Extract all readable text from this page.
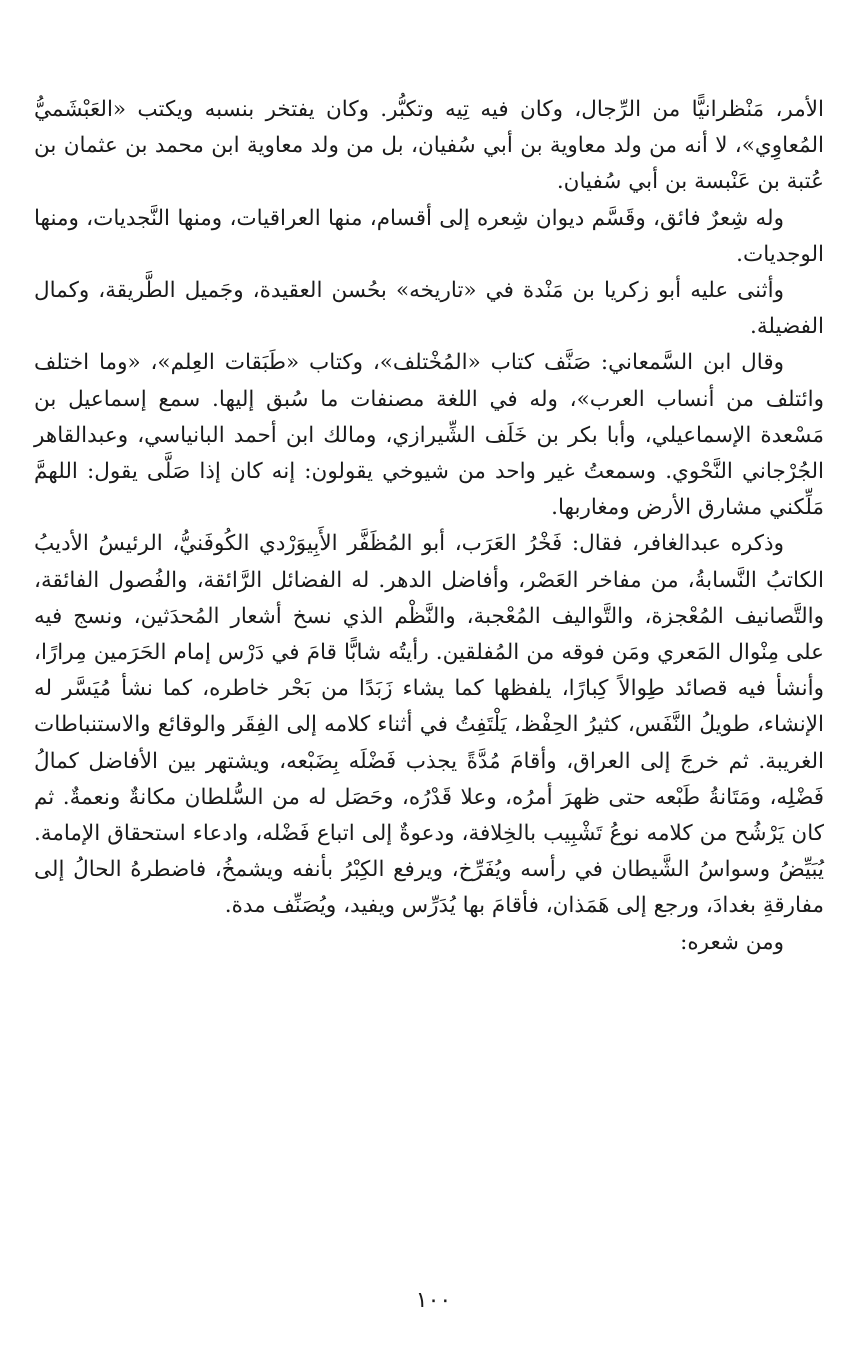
الأمر، مَنْظرانيًّا من الرِّجال، وكان فيه تِيه وتكبُّر. وكان يفتخر بنسبه ويكتب «العَبْشَميُّ المُعاوِي»، لا أنه من ولد معاوية بن أبي سُفيان، بل من ولد معاوية ابن محمد بن عثمان بن عُتبة بن عَنْبسة بن أبي سُفيان.

وله شِعرٌ فائق، وقَسَّم ديوان شِعره إلى أقسام، منها العراقيات، ومنها النَّجديات، ومنها الوجديات.

وأثنى عليه أبو زكريا بن مَنْدة في «تاريخه» بحُسن العقيدة، وجَميل الطَّريقة، وكمال الفضيلة.

وقال ابن السَّمعاني: صَنَّف كتاب «المُخْتلف»، وكتاب «طَبَقات العِلم»، «وما اختلف وائتلف من أنساب العرب»، وله في اللغة مصنفات ما سُبق إليها. سمع إسماعيل بن مَسْعدة الإسماعيلي، وأبا بكر بن خَلَف الشِّيرازي، ومالك ابن أحمد البانياسي، وعبدالقاهر الجُرْجاني النَّحْوي. وسمعتُ غير واحد من شيوخي يقولون: إنه كان إذا صَلَّى يقول: اللهمَّ مَلِّكني مشارق الأرض ومغاربها.

وذكره عبدالغافر، فقال: فَخْرُ العَرَب، أبو المُظَفَّر الأَبِيوَرْدي الكُوفَنيُّ، الرئيسُ الأديبُ الكاتبُ النَّسابةُ، من مفاخر العَصْر، وأفاضل الدهر. له الفضائل الرَّائقة، والفُصول الفائقة، والتَّصانيف المُعْجزة، والتَّواليف المُعْجبة، والنَّظْم الذي نسخ أشعار المُحدَثين، ونسج فيه على مِنْوال المَعري ومَن فوقه من المُفلقين. رأيتُه شابًّا قامَ في دَرْس إمام الحَرَمين مِرارًا، وأنشأ فيه قصائد طِوالاً كِبارًا، يلفظها كما يشاء زَبَدًا من بَحْر خاطره، كما نشأ مُيَسَّر له الإنشاء، طويلُ النَّفَس، كثيرُ الحِفْظ، يَلْتَفِتُ في أثناء كلامه إلى الفِقَر والوقائع والاستنباطات الغريبة. ثم خرجَ إلى العراق، وأقامَ مُدَّةً يجذب فَضْلَه بِضَبْعه، ويشتهر بين الأفاضل كمالُ فَضْلِه، ومَتَانةُ طَبْعه حتى ظهرَ أمرُه، وعلا قَدْرُه، وحَصَل له من السُّلطان مكانةٌ ونعمةٌ. ثم كان يَرْشُح من كلامه نوعُ تَشْبِيب بالخِلافة، ودعوةٌ إلى اتباع فَضْله، وادعاء استحقاق الإمامة. يُبَيِّضُ وسواسُ الشَّيطان في رأسه ويُفَرِّخ، ويرفع الكِبْرُ بأنفه ويشمخُ، فاضطرهُ الحالُ إلى مفارقةِ بغدادَ، ورجع إلى هَمَذان، فأقامَ بها يُدَرِّس ويفيد، ويُصَنِّف مدة.

ومن شعره:

١٠٠
